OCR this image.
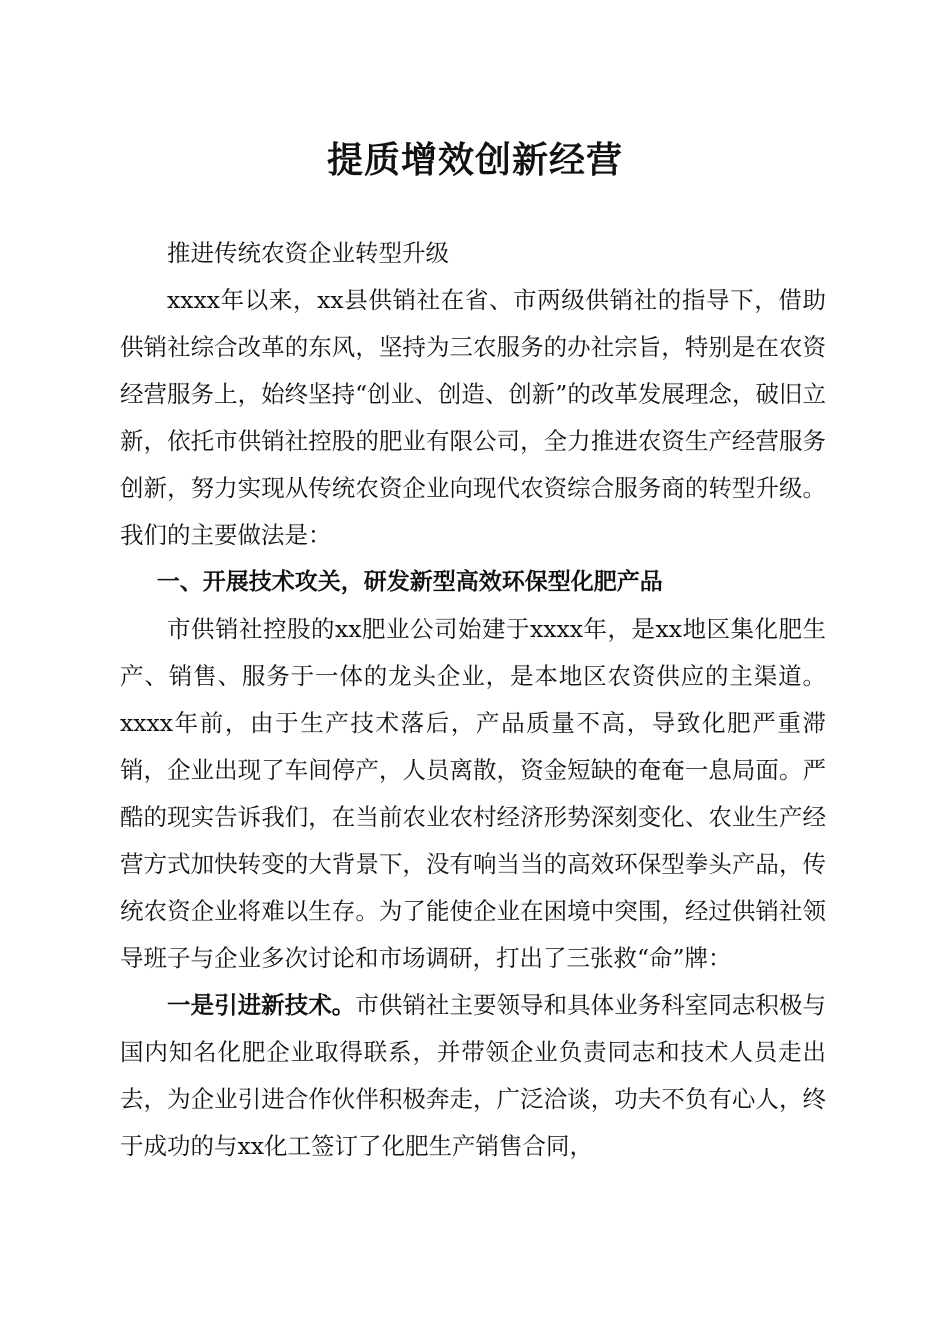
提质增效创新经营

推进传统农资企业转型升级

xxxx年以来，xx县供销社在省、市两级供销社的指导下，借助供销社综合改革的东风，坚持为三农服务的办社宗旨，特别是在农资经营服务上，始终坚持“创业、创造、创新”的改革发展理念，破旧立新，依托市供销社控股的肥业有限公司，全力推进农资生产经营服务创新，努力实现从传统农资企业向现代农资综合服务商的转型升级。我们的主要做法是：

一、开展技术攻关，研发新型高效环保型化肥产品

市供销社控股的xx肥业公司始建于xxxx年，是xx地区集化肥生产、销售、服务于一体的龙头企业，是本地区农资供应的主渠道。xxxx年前，由于生产技术落后，产品质量不高，导致化肥严重滞销，企业出现了车间停产，人员离散，资金短缺的奄奄一息局面。严酷的现实告诉我们，在当前农业农村经济形势深刻变化、农业生产经营方式加快转变的大背景下，没有响当当的高效环保型拳头产品，传统农资企业将难以生存。为了能使企业在困境中突围，经过供销社领导班子与企业多次讨论和市场调研，打出了三张救“命”牌：

一是引进新技术。市供销社主要领导和具体业务科室同志积极与国内知名化肥企业取得联系，并带领企业负责同志和技术人员走出去，为企业引进合作伙伴积极奔走，广泛洽谈，功夫不负有心人，终于成功的与xx化工签订了化肥生产销售合同，
